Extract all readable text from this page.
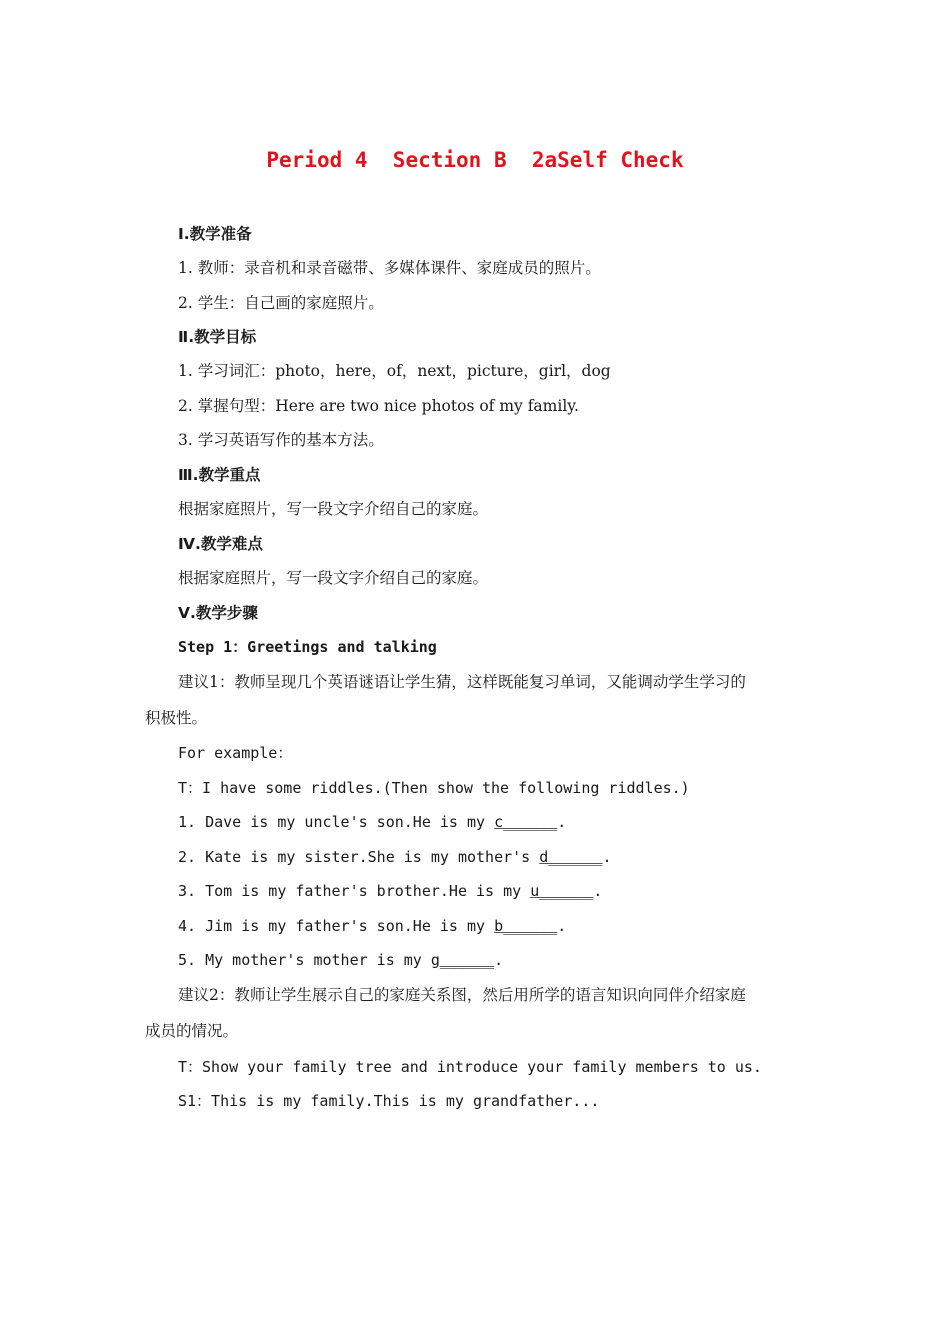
Period 4  Section B  2aSelf Check
Ⅰ.教学准备
1. 教师：录音机和录音磁带、多媒体课件、家庭成员的照片。
2. 学生：自己画的家庭照片。
Ⅱ.教学目标
1. 学习词汇：photo，here，of，next，picture，girl，dog
2. 掌握句型：Here are two nice photos of my family.
3. 学习英语写作的基本方法。
Ⅲ.教学重点
根据家庭照片，写一段文字介绍自己的家庭。
Ⅳ.教学难点
根据家庭照片，写一段文字介绍自己的家庭。
Ⅴ.教学步骤
Step 1：Greetings and talking
建议1：教师呈现几个英语谜语让学生猜，这样既能复习单词，又能调动学生学习的
积极性。
For example：
T：I have some riddles.(Then show the following riddles.)
1. Dave is my uncle's son.He is my c______.
2. Kate is my sister.She is my mother's d______.
3. Tom is my father's brother.He is my u______.
4. Jim is my father's son.He is my b______.
5. My mother's mother is my g______.
建议2：教师让学生展示自己的家庭关系图，然后用所学的语言知识向同伴介绍家庭
成员的情况。
T：Show your family tree and introduce your family members to us.
S1：This is my family.This is my grandfather...
